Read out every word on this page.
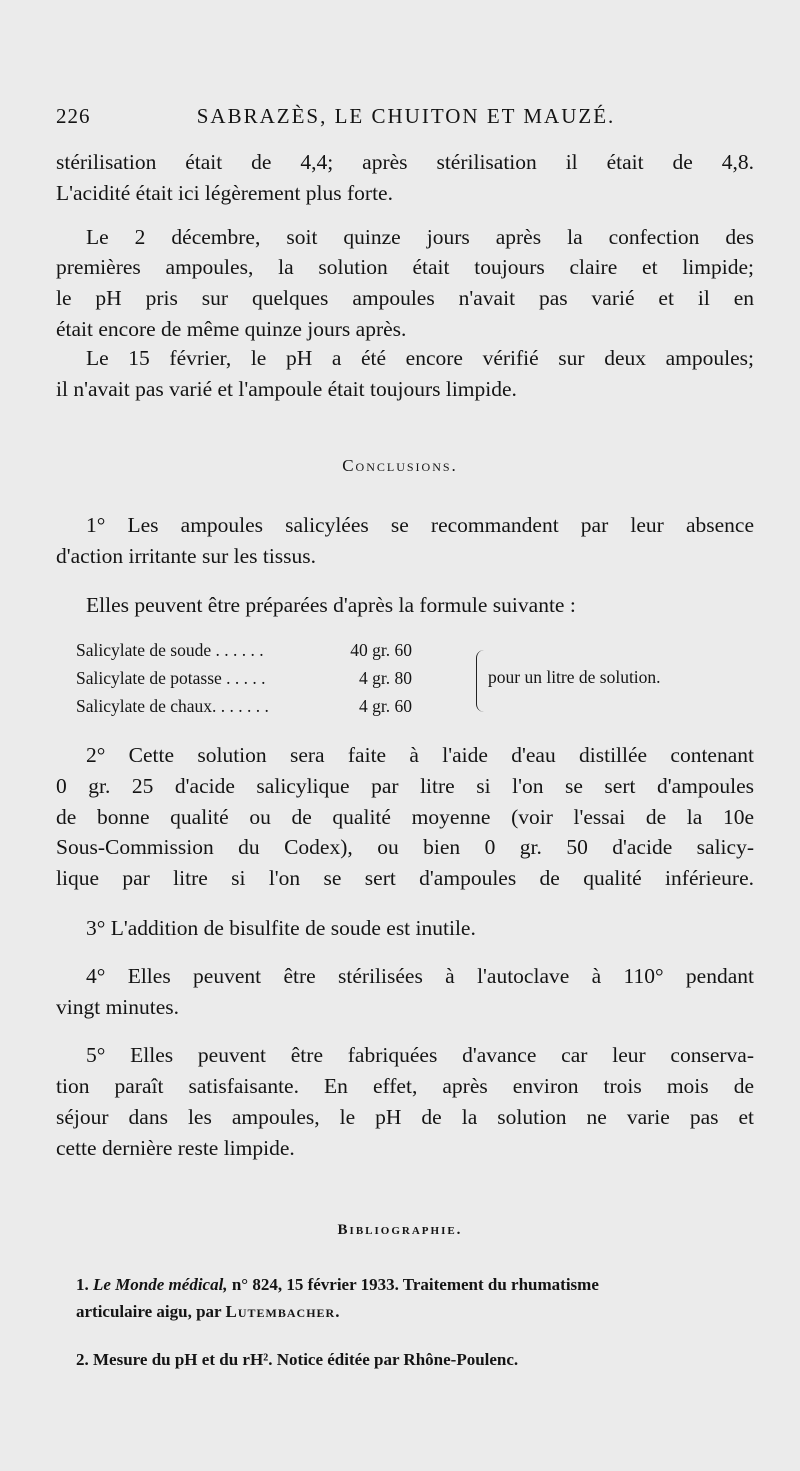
226	SABRAZÈS, LE CHUITON ET MAUZÉ.
stérilisation était de 4,4; après stérilisation il était de 4,8.
L'acidité était ici légèrement plus forte.
Le 2 décembre, soit quinze jours après la confection des
premières ampoules, la solution était toujours claire et limpide;
le pH pris sur quelques ampoules n'avait pas varié et il en
était encore de même quinze jours après.
Le 15 février, le pH a été encore vérifié sur deux ampoules;
il n'avait pas varié et l'ampoule était toujours limpide.
Conclusions.
1° Les ampoules salicylées se recommandent par leur absence
d'action irritante sur les tissus.
Elles peuvent être préparées d'après la formule suivante :
Salicylate de soude . . . . . .	40 gr. 60
Salicylate de potasse . . . . .	4 gr. 80
Salicylate de chaux. . . . . . .	4 gr. 60
pour un litre de solution.
2° Cette solution sera faite à l'aide d'eau distillée contenant
0 gr. 25 d'acide salicylique par litre si l'on se sert d'ampoules
de bonne qualité ou de qualité moyenne (voir l'essai de la 10e
Sous-Commission du Codex), ou bien 0 gr. 50 d'acide salicy-
lique par litre si l'on se sert d'ampoules de qualité inférieure.
3° L'addition de bisulfite de soude est inutile.
4° Elles peuvent être stérilisées à l'autoclave à 110° pendant
vingt minutes.
5° Elles peuvent être fabriquées d'avance car leur conserva-
tion paraît satisfaisante. En effet, après environ trois mois de
séjour dans les ampoules, le pH de la solution ne varie pas et
cette dernière reste limpide.
Bibliographie.
1. Le Monde médical, n° 824, 15 février 1933. Traitement du rhumatisme
articulaire aigu, par Lutembacher.
2. Mesure du pH et du rH². Notice éditée par Rhône-Poulenc.
